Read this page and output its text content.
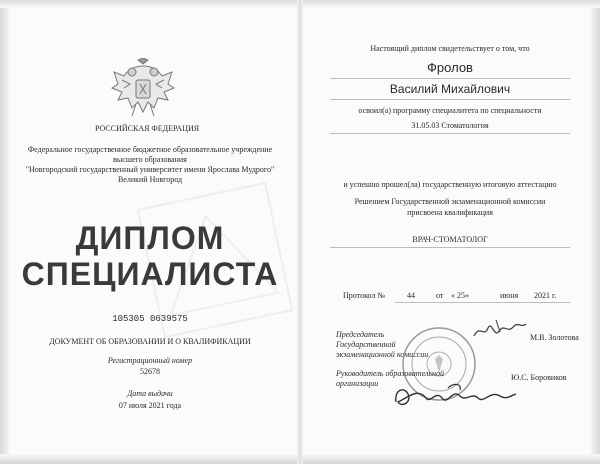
РОССИЙСКАЯ ФЕДЕРАЦИЯ
Федеральное государственное бюджетное образовательное учреждение
высшего образования
"Новгородский государственный университет имени Ярослава Мудрого"
Великий Новгород
ДИПЛОМ
СПЕЦИАЛИСТА
105305 0639575
ДОКУМЕНТ ОБ ОБРАЗОВАНИИ И О КВАЛИФИКАЦИИ
Регистрационный номер
52678
Дата выдачи
07 июля 2021 года
Настоящий диплом свидетельствует о том, что
Фролов
Василий Михайлович
освоил(а) программу специалитета по специальности
31.05.03 Стоматология
и успешно прошел(ла) государственную итоговую аттестацию
Решением Государственной экзаменационной комиссии
присвоена квалификация
ВРАЧ-СТОМАТОЛОГ
Протокол №	44	от « 25»	июня 2021 г.
Председатель
Государственной
экзаменационной комиссии
М.В. Золотова
Руководитель образовательной
организации
Ю.С. Боровиков
